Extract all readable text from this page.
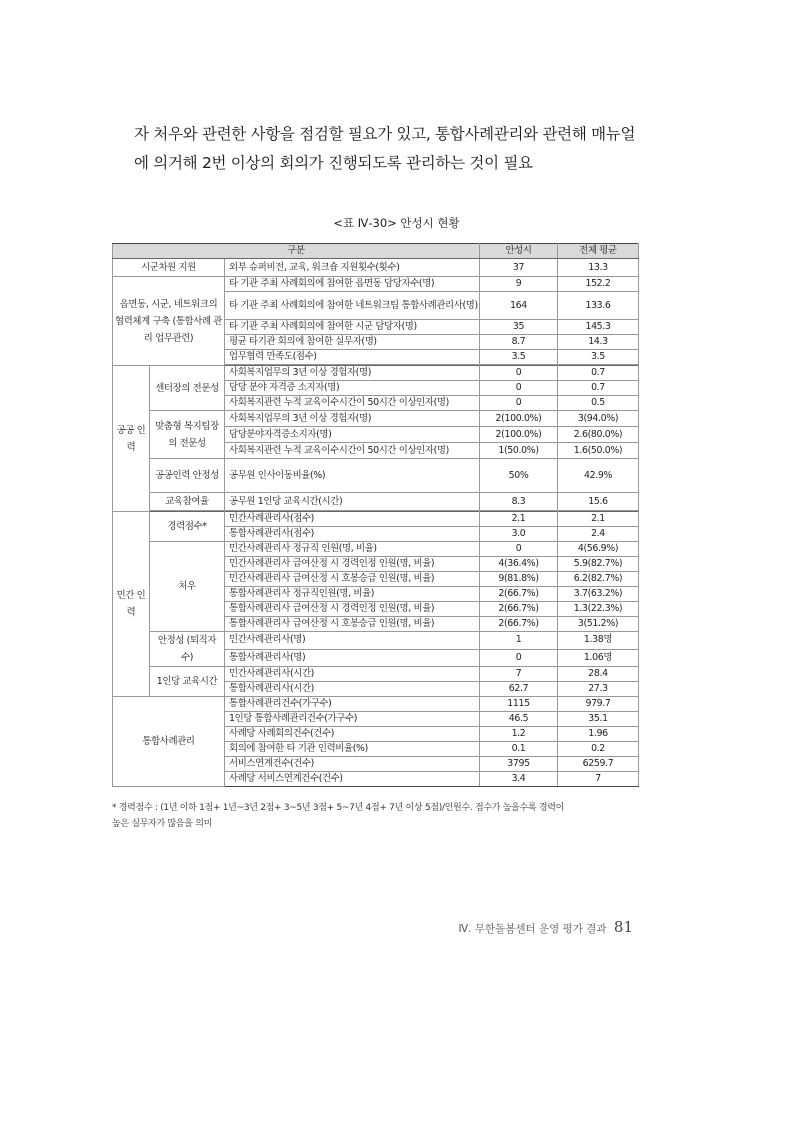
자 처우와 관련한 사항을 점검할 필요가 있고, 통합사례관리와 관련해 매뉴얼

에 의거해 2번 이상의 회의가 진행되도록 관리하는 것이 필요

<표 Ⅳ-30> 안성시 현황
구분			안성시	전체 평균
시군차원 지원		외부 슈퍼비전, 교육, 워크숍 지원횟수(횟수)	37	13.3
읍면동, 시군, 네트워크의 협력체계 구축 (통합사례 관리 업무관련)		타 기관 주최 사례회의에 참여한 읍면동 담당자수(명)	9	152.2
		타 기관 주최 사례회의에 참여한 네트워크팀 통합사례관리사(명)	164	133.6
		타 기관 주최 사례회의에 참여한 시군 담당자(명)	35	145.3
		평균 타기관 회의에 참여한 실무자(명)	8.7	14.3
		업무협력 만족도(점수)	3.5	3.5

공공 인력	센터장의 전문성	사회복지업무의 3년 이상 경험자(명)	0	0.7
		담당 분야 자격증 소지자(명)	0	0.7
		사회복지관련 누적 교육이수시간이 50시간 이상인자(명)	0	0.5
	맞춤형 복지팀장의 전문성	사회복지업무의 3년 이상 경험자(명)	2(100.0%)	3(94.0%)
		담당분야자격증소지자(명)	2(100.0%)	2.6(80.0%)
		사회복지관련 누적 교육이수시간이 50시간 이상인자(명)	1(50.0%)	1.6(50.0%)
	공공인력 안정성	공무원 인사이동비율(%)	50%	42.9%
	교육참여율	공무원 1인당 교육시간(시간)	8.3	15.6

민간 인력	경력점수*	민간사례관리사(점수)	2.1	2.1
		통합사례관리사(점수)	3.0	2.4
	처우	민간사례관리사 정규직 인원(명, 비율)	0	4(56.9%)
		민간사례관리사 급여산정 시 경력인정 인원(명, 비율)	4(36.4%)	5.9(82.7%)
		민간사례관리사 급여산정 시 호봉승급 인원(명, 비율)	9(81.8%)	6.2(82.7%)
		통합사례관리사 정규직인원(명, 비율)	2(66.7%)	3.7(63.2%)
		통합사례관리사 급여산정 시 경력인정 인원(명, 비율)	2(66.7%)	1.3(22.3%)
		통합사례관리사 급여산정 시 호봉승급 인원(명, 비율)	2(66.7%)	3(51.2%)
	안정성 (퇴직자수)	민간사례관리사(명)	1	1.38명
		통합사례관리사(명)	0	1.06명
	1인당 교육시간	민간사례관리사(시간)	7	28.4
		통합사례관리사(시간)	62.7	27.3
통합사례관리		통합사례관리건수(가구수)	1115	979.7
		1인당 통합사례관리건수(가구수)	46.5	35.1
		사례당 사례회의건수(건수)	1.2	1.96
		회의에 참여한 타 기관 인력비율(%)	0.1	0.2
		서비스연계건수(건수)	3795	6259.7
		사례당 서비스연계건수(건수)	3.4	7

* 경력점수 : (1년 이하 1점+ 1년~3년 2점+ 3~5년 3점+ 5~7년 4점+ 7년 이상 5점)/인원수. 점수가 높을수록 경력이

높은 실무자가 많음을 의미

Ⅳ. 무한돌봄센터 운영 평가 결과 81
